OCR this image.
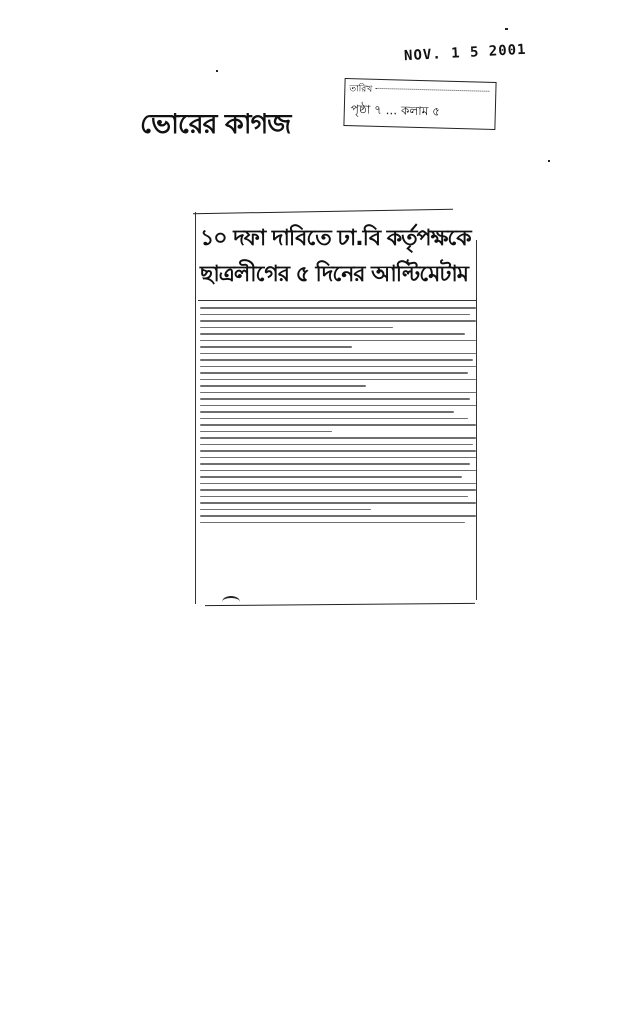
NOV. 1 5 2001
ভোরের কাগজ
তারিখ
পৃষ্ঠা ৭ ... কলাম ৫
১০ দফা দাবিতে ঢা.বি কর্তৃপক্ষকে
ছাত্রলীগের ৫ দিনের আল্টিমেটাম
